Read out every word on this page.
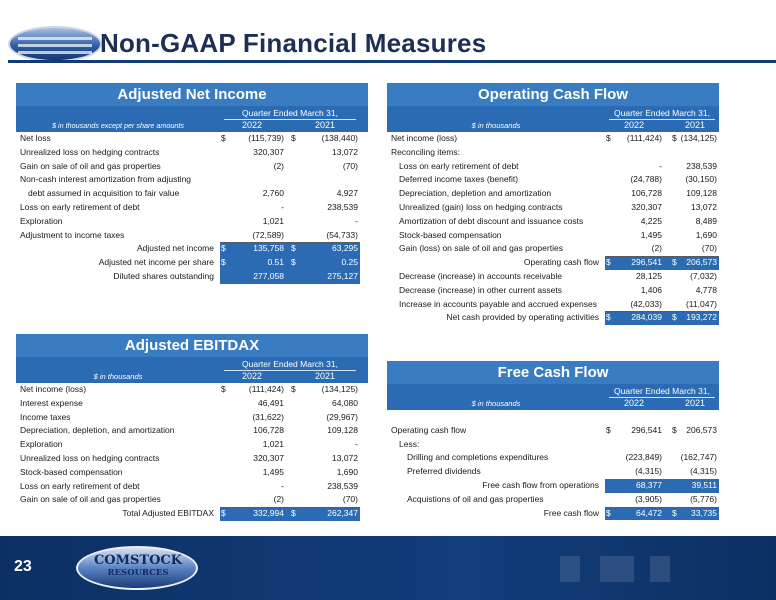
Non-GAAP Financial Measures
Adjusted Net Income
Quarter Ended March 31,
$ in thousands except per share amounts	2022	2021
Net loss	$	(115,739) $	(138,440)
Unrealized loss on hedging contracts	320,307	13,072
Gain on sale of oil and gas properties	(2)	(70)
Non-cash interest amortization from adjusting
debt assumed in acquisition to fair value	2,760	4,927
Loss on early retirement of debt	-	238,539
Exploration	1,021	-
Adjustment to income taxes	(72,589)	(54,733)
Adjusted net income $	135,758 $	63,295
Adjusted net income per share $	0.51 $	0.25
Diluted shares outstanding	277,058	275,127
Operating Cash Flow
Quarter Ended March 31,
$ in thousands	2022	2021
Net income (loss)	$ (111,424) $ (134,125)
Reconciling items:
Loss on early retirement of debt	-	238,539
Deferred income taxes (benefit)	(24,788)	(30,150)
Depreciation, depletion and amortization	106,728	109,128
Unrealized (gain) loss on hedging contracts	320,307	13,072
Amortization of debt discount and issuance costs	4,225	8,489
Stock-based compensation	1,495	1,690
Gain (loss) on sale of oil and gas properties	(2)	(70)
Operating cash flow $ 296,541 $ 206,573
Decrease (increase) in accounts receivable	28,125	(7,032)
Decrease (increase) in other current assets	1,406	4,778
Increase in accounts payable and accrued expenses	(42,033)	(11,047)
Net cash provided by operating activities $ 284,039 $ 193,272
Adjusted EBITDAX
Quarter Ended March 31,
$ in thousands	2022	2021
Net income (loss)	$	(111,424) $	(134,125)
Interest expense	46,491	64,080
Income taxes	(31,622)	(29,967)
Depreciation, depletion, and amortization	106,728	109,128
Exploration	1,021	-
Unrealized loss on hedging contracts	320,307	13,072
Stock-based compensation	1,495	1,690
Loss on early retirement of debt	-	238,539
Gain on sale of oil and gas properties	(2)	(70)
Total Adjusted EBITDAX $	332,994 $	262,347
Free Cash Flow
Quarter Ended March 31,
$ in thousands	2022	2021
Operating cash flow	$ 296,541 $ 206,573
Less:
Drilling and completions expenditures	(223,849) (162,747)
Preferred dividends	(4,315)	(4,315)
Free cash flow from operations	68,377	39,511
Acquistions of oil and gas properties	(3,905)	(5,776)
Free cash flow $	64,472 $ 33,735
23	COMSTOCK
RESOURCES
